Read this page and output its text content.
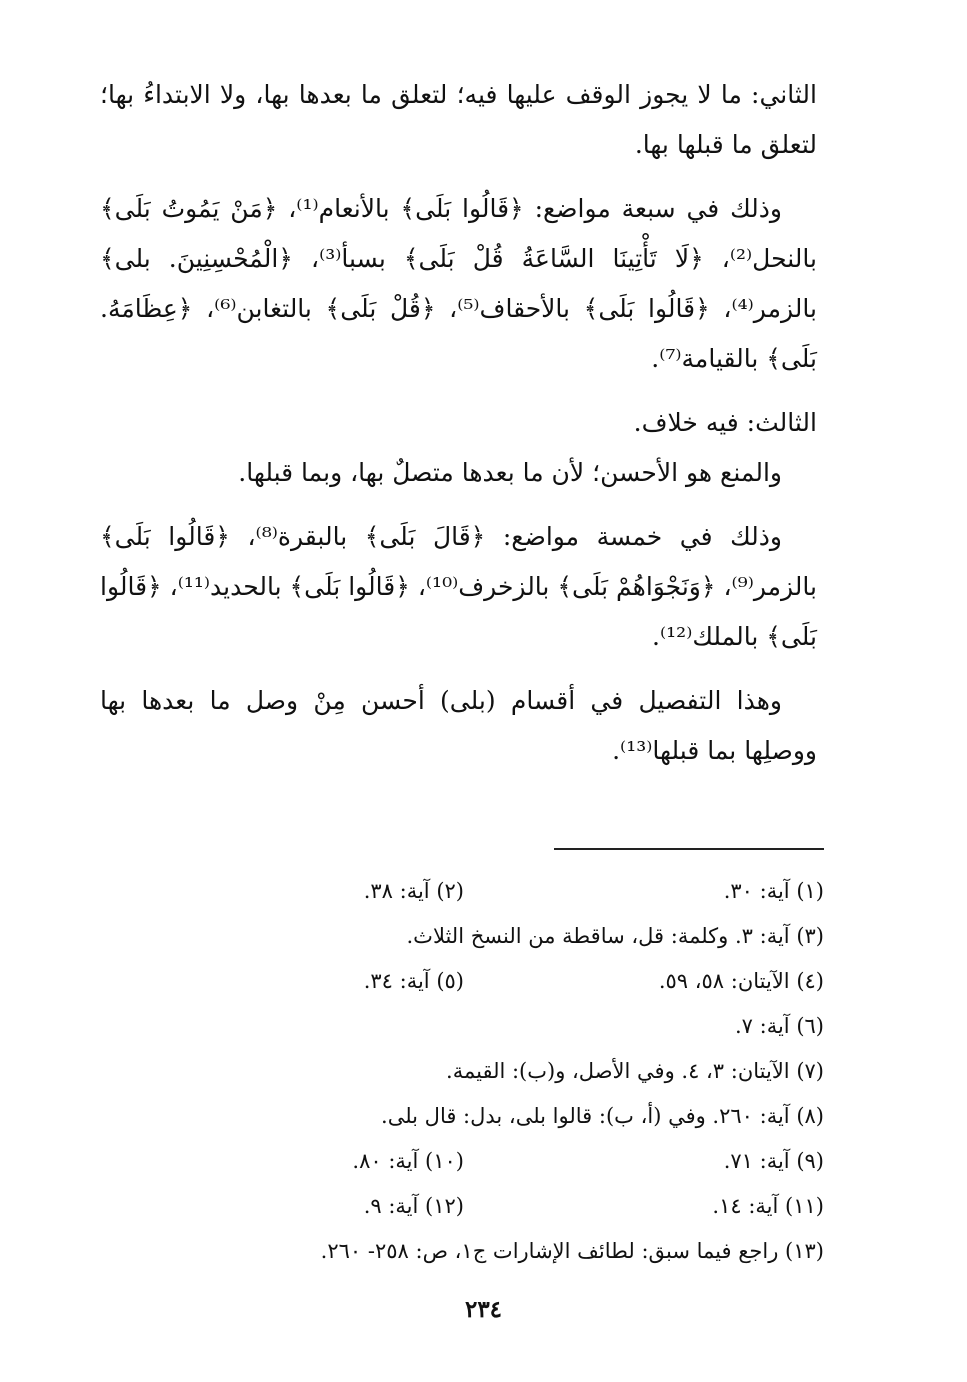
الثاني: ما لا يجوز الوقف عليها فيه؛ لتعلق ما بعدها بها، ولا الابتداءُ بها؛ لتعلق ما قبلها بها.

وذلك في سبعة مواضع: ﴿قَالُوا بَلَى﴾ بالأنعام⁽¹⁾، ﴿مَنْ يَمُوتُ بَلَى﴾ بالنحل⁽²⁾، ﴿لَا تَأْتِينَا السَّاعَةُ قُلْ بَلَى﴾ بسبأ⁽³⁾، ﴿الْمُحْسِنِينَ. بلى﴾ بالزمر⁽⁴⁾، ﴿قَالُوا بَلَى﴾ بالأحقاف⁽⁵⁾، ﴿قُلْ بَلَى﴾ بالتغابن⁽⁶⁾، ﴿عِظَامَهُ. بَلَى﴾ بالقيامة⁽⁷⁾.

الثالث: فيه خلاف.

والمنع هو الأحسن؛ لأن ما بعدها متصلٌ بها، وبما قبلها.

وذلك في خمسة مواضع: ﴿قَالَ بَلَى﴾ بالبقرة⁽⁸⁾، ﴿قَالُوا بَلَى﴾ بالزمر⁽⁹⁾، ﴿وَنَجْوَاهُمْ بَلَى﴾ بالزخرف⁽¹⁰⁾، ﴿قَالُوا بَلَى﴾ بالحديد⁽¹¹⁾، ﴿قَالُوا بَلَى﴾ بالملك⁽¹²⁾.

وهذا التفصيل في أقسام (بلى) أحسن مِنْ وصل ما بعدها بها ووصلِها بما قبلها⁽¹³⁾.

(١) آية: ٣٠.
(٢) آية: ٣٨.
(٣) آية: ٣. وكلمة: قل، ساقطة من النسخ الثلاث.
(٤) الآيتان: ٥٨، ٥٩.
(٥) آية: ٣٤.
(٦) آية: ٧.
(٧) الآيتان: ٣، ٤. وفي الأصل، و(ب): القيمة.
(٨) آية: ٢٦٠. وفي (أ، ب): قالوا بلى، بدل: قال بلى.
(٩) آية: ٧١.
(١٠) آية: ٨٠.
(١١) آية: ١٤.
(١٢) آية: ٩.
(١٣) راجع فيما سبق: لطائف الإشارات ج١، ص: ٢٥٨- ٢٦٠.
٢٣٤
